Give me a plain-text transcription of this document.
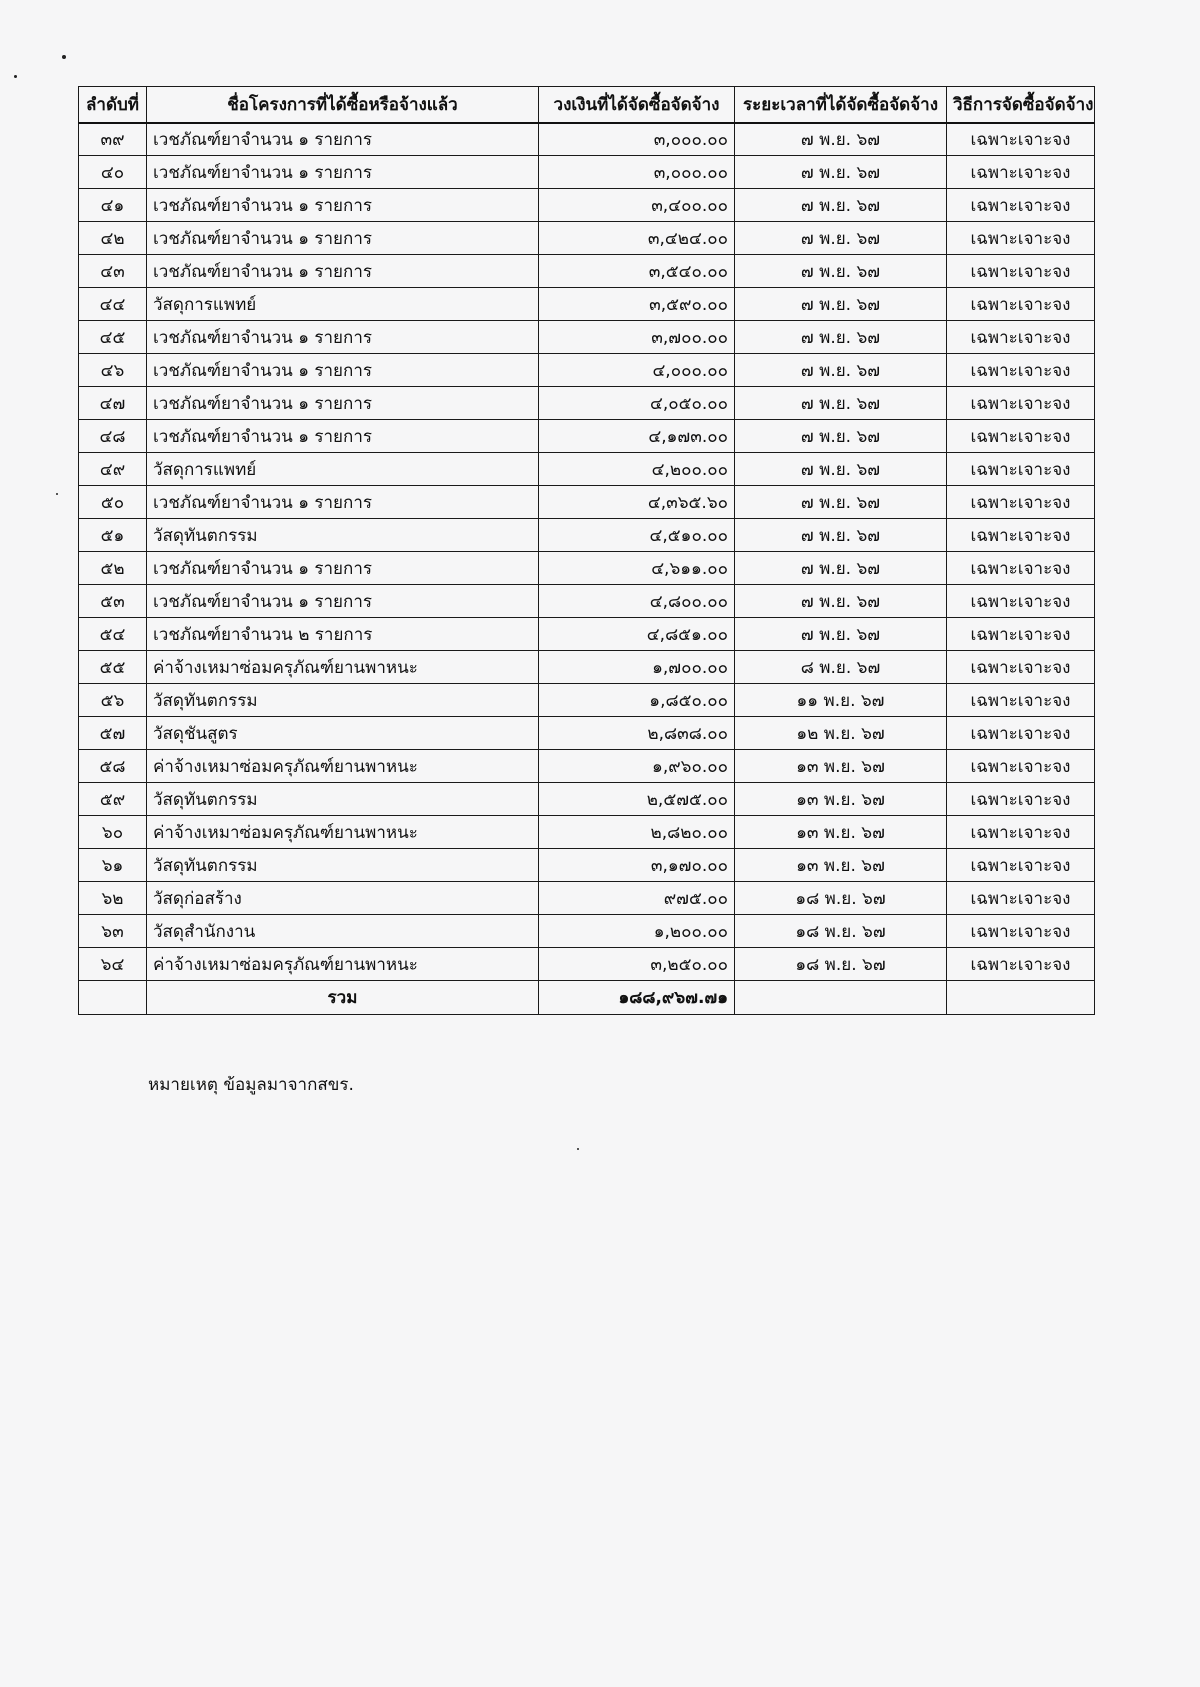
ลำดับที่	ชื่อโครงการที่ได้ซื้อหรือจ้างแล้ว	วงเงินที่ได้จัดซื้อจัดจ้าง	ระยะเวลาที่ได้จัดซื้อจัดจ้าง	วิธีการจัดซื้อจัดจ้าง
๓๙	เวชภัณฑ์ยาจำนวน ๑ รายการ	๓,๐๐๐.๐๐	๗ พ.ย. ๖๗	เฉพาะเจาะจง
๔๐	เวชภัณฑ์ยาจำนวน ๑ รายการ	๓,๐๐๐.๐๐	๗ พ.ย. ๖๗	เฉพาะเจาะจง
๔๑	เวชภัณฑ์ยาจำนวน ๑ รายการ	๓,๔๐๐.๐๐	๗ พ.ย. ๖๗	เฉพาะเจาะจง
๔๒	เวชภัณฑ์ยาจำนวน ๑ รายการ	๓,๔๒๔.๐๐	๗ พ.ย. ๖๗	เฉพาะเจาะจง
๔๓	เวชภัณฑ์ยาจำนวน ๑ รายการ	๓,๕๔๐.๐๐	๗ พ.ย. ๖๗	เฉพาะเจาะจง
๔๔	วัสดุการแพทย์	๓,๕๙๐.๐๐	๗ พ.ย. ๖๗	เฉพาะเจาะจง
๔๕	เวชภัณฑ์ยาจำนวน ๑ รายการ	๓,๗๐๐.๐๐	๗ พ.ย. ๖๗	เฉพาะเจาะจง
๔๖	เวชภัณฑ์ยาจำนวน ๑ รายการ	๔,๐๐๐.๐๐	๗ พ.ย. ๖๗	เฉพาะเจาะจง
๔๗	เวชภัณฑ์ยาจำนวน ๑ รายการ	๔,๐๕๐.๐๐	๗ พ.ย. ๖๗	เฉพาะเจาะจง
๔๘	เวชภัณฑ์ยาจำนวน ๑ รายการ	๔,๑๗๓.๐๐	๗ พ.ย. ๖๗	เฉพาะเจาะจง
๔๙	วัสดุการแพทย์	๔,๒๐๐.๐๐	๗ พ.ย. ๖๗	เฉพาะเจาะจง
๕๐	เวชภัณฑ์ยาจำนวน ๑ รายการ	๔,๓๖๕.๖๐	๗ พ.ย. ๖๗	เฉพาะเจาะจง
๕๑	วัสดุทันตกรรม	๔,๕๑๐.๐๐	๗ พ.ย. ๖๗	เฉพาะเจาะจง
๕๒	เวชภัณฑ์ยาจำนวน ๑ รายการ	๔,๖๑๑.๐๐	๗ พ.ย. ๖๗	เฉพาะเจาะจง
๕๓	เวชภัณฑ์ยาจำนวน ๑ รายการ	๔,๘๐๐.๐๐	๗ พ.ย. ๖๗	เฉพาะเจาะจง
๕๔	เวชภัณฑ์ยาจำนวน ๒ รายการ	๔,๘๕๑.๐๐	๗ พ.ย. ๖๗	เฉพาะเจาะจง
๕๕	ค่าจ้างเหมาซ่อมครุภัณฑ์ยานพาหนะ	๑,๗๐๐.๐๐	๘ พ.ย. ๖๗	เฉพาะเจาะจง
๕๖	วัสดุทันตกรรม	๑,๘๕๐.๐๐	๑๑ พ.ย. ๖๗	เฉพาะเจาะจง
๕๗	วัสดุชันสูตร	๒,๘๓๘.๐๐	๑๒ พ.ย. ๖๗	เฉพาะเจาะจง
๕๘	ค่าจ้างเหมาซ่อมครุภัณฑ์ยานพาหนะ	๑,๙๖๐.๐๐	๑๓ พ.ย. ๖๗	เฉพาะเจาะจง
๕๙	วัสดุทันตกรรม	๒,๕๗๕.๐๐	๑๓ พ.ย. ๖๗	เฉพาะเจาะจง
๖๐	ค่าจ้างเหมาซ่อมครุภัณฑ์ยานพาหนะ	๒,๘๒๐.๐๐	๑๓ พ.ย. ๖๗	เฉพาะเจาะจง
๖๑	วัสดุทันตกรรม	๓,๑๗๐.๐๐	๑๓ พ.ย. ๖๗	เฉพาะเจาะจง
๖๒	วัสดุก่อสร้าง	๙๗๕.๐๐	๑๘ พ.ย. ๖๗	เฉพาะเจาะจง
๖๓	วัสดุสำนักงาน	๑,๒๐๐.๐๐	๑๘ พ.ย. ๖๗	เฉพาะเจาะจง
๖๔	ค่าจ้างเหมาซ่อมครุภัณฑ์ยานพาหนะ	๓,๒๕๐.๐๐	๑๘ พ.ย. ๖๗	เฉพาะเจาะจง
	รวม	๑๘๘,๙๖๗.๗๑		
หมายเหตุ ข้อมูลมาจากสขร.
